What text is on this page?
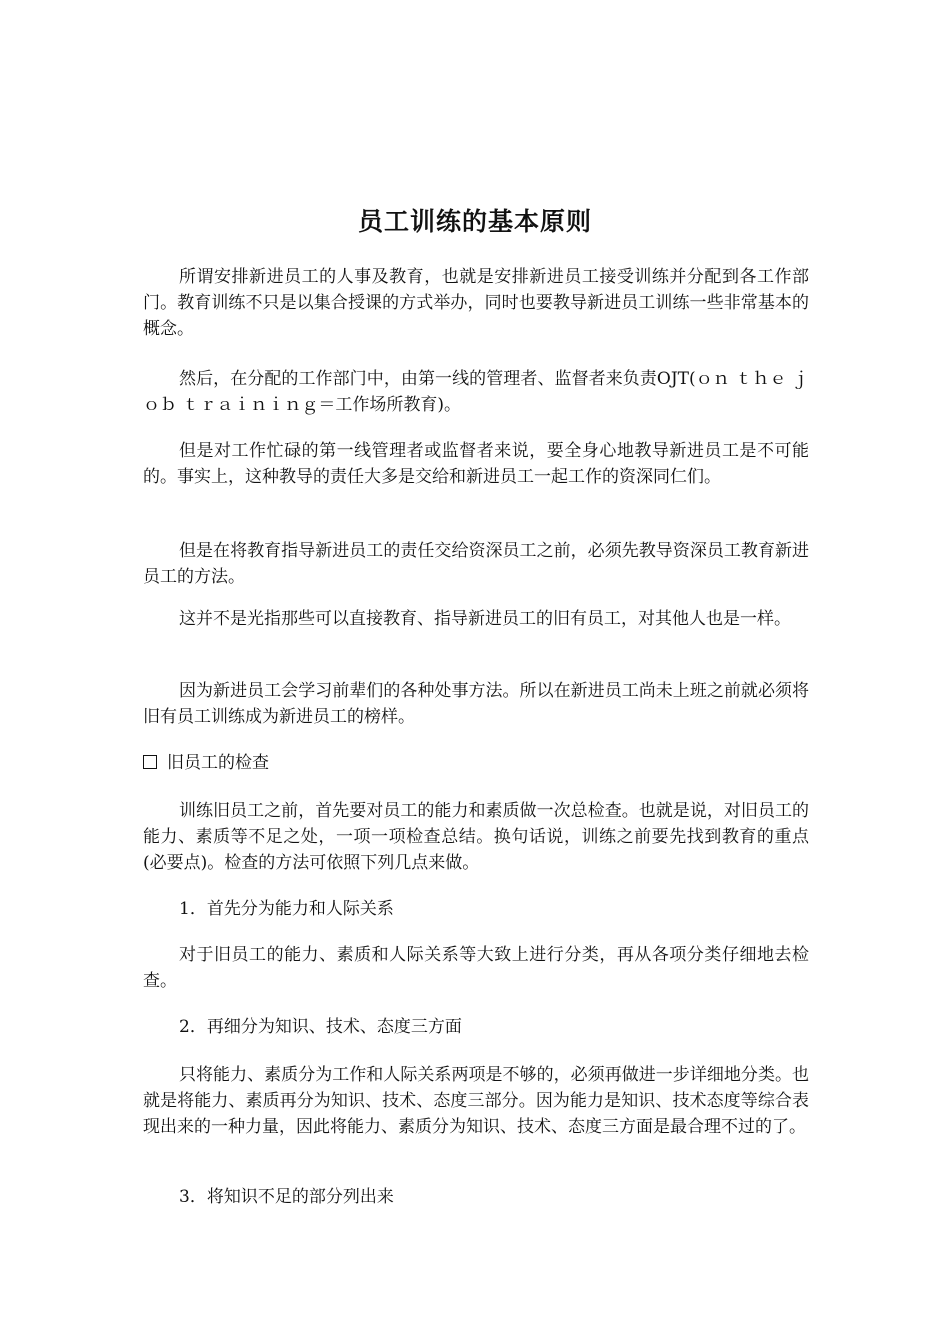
员工训练的基本原则
所谓安排新进员工的人事及教育，也就是安排新进员工接受训练并分配到各工作部门。教育训练不只是以集合授课的方式举办，同时也要教导新进员工训练一些非常基本的概念。
然后，在分配的工作部门中，由第一线的管理者、监督者来负责OJT(ｏｎ ｔｈｅ ｊｏｂ ｔｒａｉｎｉｎｇ＝工作场所教育)。
但是对工作忙碌的第一线管理者或监督者来说，要全身心地教导新进员工是不可能的。事实上，这种教导的责任大多是交给和新进员工一起工作的资深同仁们。
但是在将教育指导新进员工的责任交给资深员工之前，必须先教导资深员工教育新进员工的方法。
这并不是光指那些可以直接教育、指导新进员工的旧有员工，对其他人也是一样。
因为新进员工会学习前辈们的各种处事方法。所以在新进员工尚未上班之前就必须将旧有员工训练成为新进员工的榜样。
旧员工的检查
训练旧员工之前，首先要对员工的能力和素质做一次总检查。也就是说，对旧员工的能力、素质等不足之处，一项一项检查总结。换句话说，训练之前要先找到教育的重点(必要点)。检查的方法可依照下列几点来做。
1．首先分为能力和人际关系
对于旧员工的能力、素质和人际关系等大致上进行分类，再从各项分类仔细地去检查。
2．再细分为知识、技术、态度三方面
只将能力、素质分为工作和人际关系两项是不够的，必须再做进一步详细地分类。也就是将能力、素质再分为知识、技术、态度三部分。因为能力是知识、技术态度等综合表现出来的一种力量，因此将能力、素质分为知识、技术、态度三方面是最合理不过的了。
3．将知识不足的部分列出来
